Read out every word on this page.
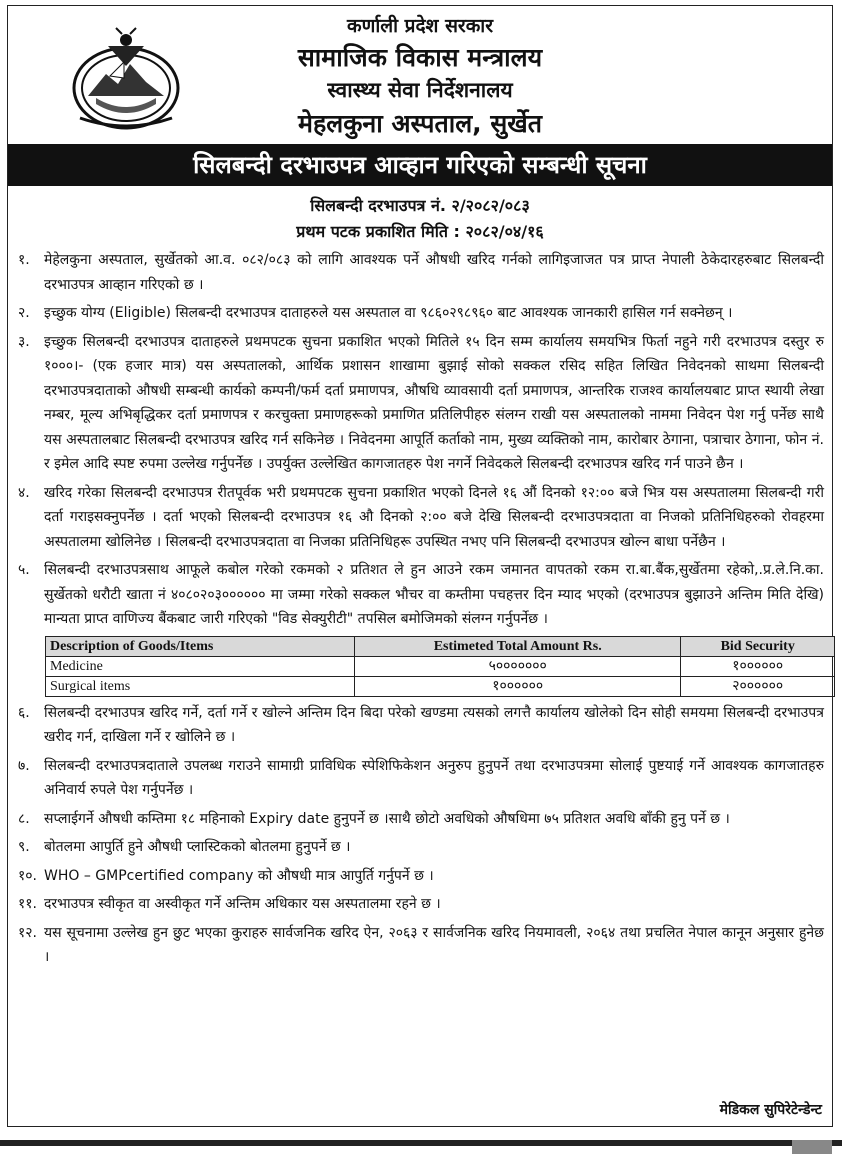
कर्णाली प्रदेश सरकार
सामाजिक विकास मन्त्रालय
स्वास्थ्य सेवा निर्देशनालय
मेहलकुना अस्पताल, सुर्खेत
सिलबन्दी दरभाउपत्र आव्हान गरिएको सम्बन्धी सूचना
सिलबन्दी दरभाउपत्र नं. २/२०८२/०८३
प्रथम पटक प्रकाशित मिति : २०८२/०४/१६
१.	मेहेलकुना अस्पताल, सुर्खेतको आ.व. ०८२/०८३ को लागि आवश्यक पर्ने औषधी खरिद गर्नको लागिइजाजत पत्र प्राप्त नेपाली ठेकेदारहरुबाट सिलबन्दी दरभाउपत्र आव्हान गरिएको छ ।
२.	इच्छुक योग्य (Eligible) सिलबन्दी दरभाउपत्र दाताहरुले यस अस्पताल वा ९८६०२९८९६० बाट आवश्यक जानकारी हासिल गर्न सक्नेछन् ।
३.	इच्छुक सिलबन्दी दरभाउपत्र दाताहरुले प्रथमपटक सुचना प्रकाशित भएको मितिले १५ दिन सम्म कार्यालय समयभित्र फिर्ता नहुने गरी दरभाउपत्र दस्तुर रु १०००।- (एक हजार मात्र) यस अस्पतालको, आर्थिक प्रशासन शाखामा बुझाई सोको सक्कल रसिद सहित लिखित निवेदनको साथमा सिलबन्दी दरभाउपत्रदाताको औषधी सम्बन्धी कार्यको कम्पनी/फर्म दर्ता प्रमाणपत्र, औषधि व्यावसायी दर्ता प्रमाणपत्र, आन्तरिक राजश्व कार्यालयबाट प्राप्त स्थायी लेखा नम्बर, मूल्य अभिबृद्धिकर दर्ता प्रमाणपत्र र करचुक्ता प्रमाणहरूको प्रमाणित प्रतिलिपीहरु संलग्न राखी यस अस्पतालको नाममा निवेदन पेश गर्नु पर्नेछ साथै यस अस्पतालबाट सिलबन्दी दरभाउपत्र खरिद गर्न सकिनेछ । निवेदनमा आपूर्ति कर्ताको नाम, मुख्य व्यक्तिको नाम, कारोबार ठेगाना, पत्राचार ठेगाना, फोन नं. र इमेल आदि स्पष्ट रुपमा उल्लेख गर्नुपर्नेछ । उपर्युक्त उल्लेखित कागजातहरु पेश नगर्ने निवेदकले सिलबन्दी दरभाउपत्र खरिद गर्न पाउने छैन ।
४.	खरिद गरेका सिलबन्दी दरभाउपत्र रीतपूर्वक भरी प्रथमपटक सुचना प्रकाशित भएको दिनले १६ औं दिनको १२:०० बजे भित्र यस अस्पतालमा सिलबन्दी गरी दर्ता गराइसक्नुपर्नेछ । दर्ता भएको सिलबन्दी दरभाउपत्र १६ औ दिनको २:०० बजे देखि सिलबन्दी दरभाउपत्रदाता वा निजको प्रतिनिधिहरुको रोवहरमा अस्पतालमा खोलिनेछ । सिलबन्दी दरभाउपत्रदाता वा निजका प्रतिनिधिहरू उपस्थित नभए पनि सिलबन्दी दरभाउपत्र खोल्न बाधा पर्नेछैन ।
५.	सिलबन्दी दरभाउपत्रसाथ आफूले कबोल गरेको रकमको २ प्रतिशत ले हुन आउने रकम जमानत वापतको रकम रा.बा.बैंक,सुर्खेतमा रहेको,.प्र.ले.नि.का. सुर्खेतको धरौटी खाता नं ४०८०२०३०००००० मा जम्मा गरेको सक्कल भौचर वा कम्तीमा पचहत्तर दिन म्याद भएको (दरभाउपत्र बुझाउने अन्तिम मिति देखि) मान्यता प्राप्त वाणिज्य बैंकबाट जारी गरिएको "विड सेक्युरीटी" तपसिल बमोजिमको संलग्न गर्नुपर्नेछ ।
Description of Goods/Items	Estimeted Total Amount Rs.	Bid Security
Medicine	५०००००००	१००००००
Surgical items	१००००००	२००००००
६.	सिलबन्दी दरभाउपत्र खरिद गर्ने, दर्ता गर्ने र खोल्ने अन्तिम दिन बिदा परेको खण्डमा त्यसको लगत्तै कार्यालय खोलेको दिन सोही समयमा सिलबन्दी दरभाउपत्र खरीद गर्न, दाखिला गर्ने र खोलिने छ ।
७.	सिलबन्दी दरभाउपत्रदाताले उपलब्ध गराउने सामाग्री प्राविधिक स्पेशिफिकेशन अनुरुप हुनुपर्ने तथा दरभाउपत्रमा सोलाई पुष्टयाई गर्ने आवश्यक कागजातहरु अनिवार्य रुपले पेश गर्नुपर्नेछ ।
८.	सप्लाईगर्ने औषधी कम्तिमा १८ महिनाको Expiry date हुनुपर्ने छ ।साथै छोटो अवधिको औषधिमा ७५ प्रतिशत अवधि बाँकी हुनु पर्ने छ ।
९.	बोतलमा आपुर्ति हुने औषधी प्लास्टिकको बोतलमा हुनुपर्ने छ ।
१०. WHO – GMPcertified company को औषधी मात्र आपुर्ति गर्नुपर्ने छ ।
११. दरभाउपत्र स्वीकृत वा अस्वीकृत गर्ने अन्तिम अधिकार यस अस्पतालमा रहने छ ।
१२. यस सूचनामा उल्लेख हुन छुट भएका कुराहरु सार्वजनिक खरिद ऐन, २०६३ र सार्वजनिक खरिद नियमावली, २०६४ तथा प्रचलित नेपाल कानून अनुसार हुनेछ ।
मेडिकल सुपिरेटेन्डेन्ट
